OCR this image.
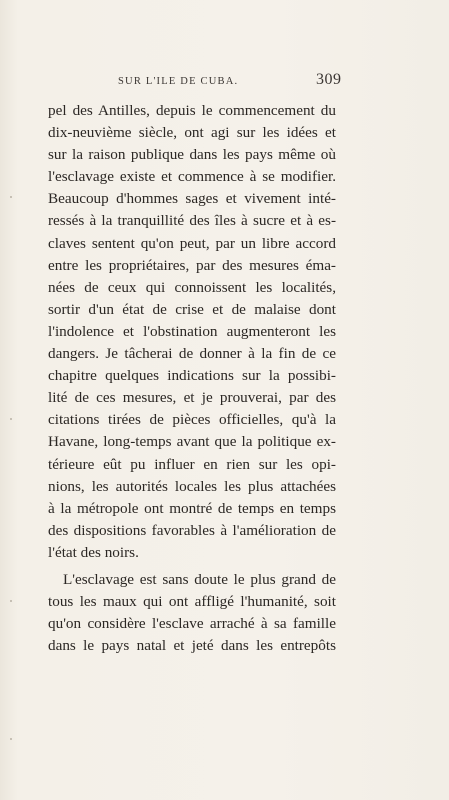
SUR L'ILE DE CUBA.	309
pel des Antilles, depuis le commencement du
dix-neuvième siècle, ont agi sur les idées et
sur la raison publique dans les pays même où
l'esclavage existe et commence à se modifier.
Beaucoup d'hommes sages et vivement inté-
ressés à la tranquillité des îles à sucre et à es-
claves sentent qu'on peut, par un libre accord
entre les propriétaires, par des mesures éma-
nées de ceux qui connoissent les localités,
sortir d'un état de crise et de malaise dont
l'indolence et l'obstination augmenteront les
dangers. Je tâcherai de donner à la fin de ce
chapitre quelques indications sur la possibi-
lité de ces mesures, et je prouverai, par des
citations tirées de pièces officielles, qu'à la
Havane, long-temps avant que la politique ex-
térieure eût pu influer en rien sur les opi-
nions, les autorités locales les plus attachées
à la métropole ont montré de temps en temps
des dispositions favorables à l'amélioration de
l'état des noirs.
L'esclavage est sans doute le plus grand de
tous les maux qui ont affligé l'humanité, soit
qu'on considère l'esclave arraché à sa famille
dans le pays natal et jeté dans les entrepôts
